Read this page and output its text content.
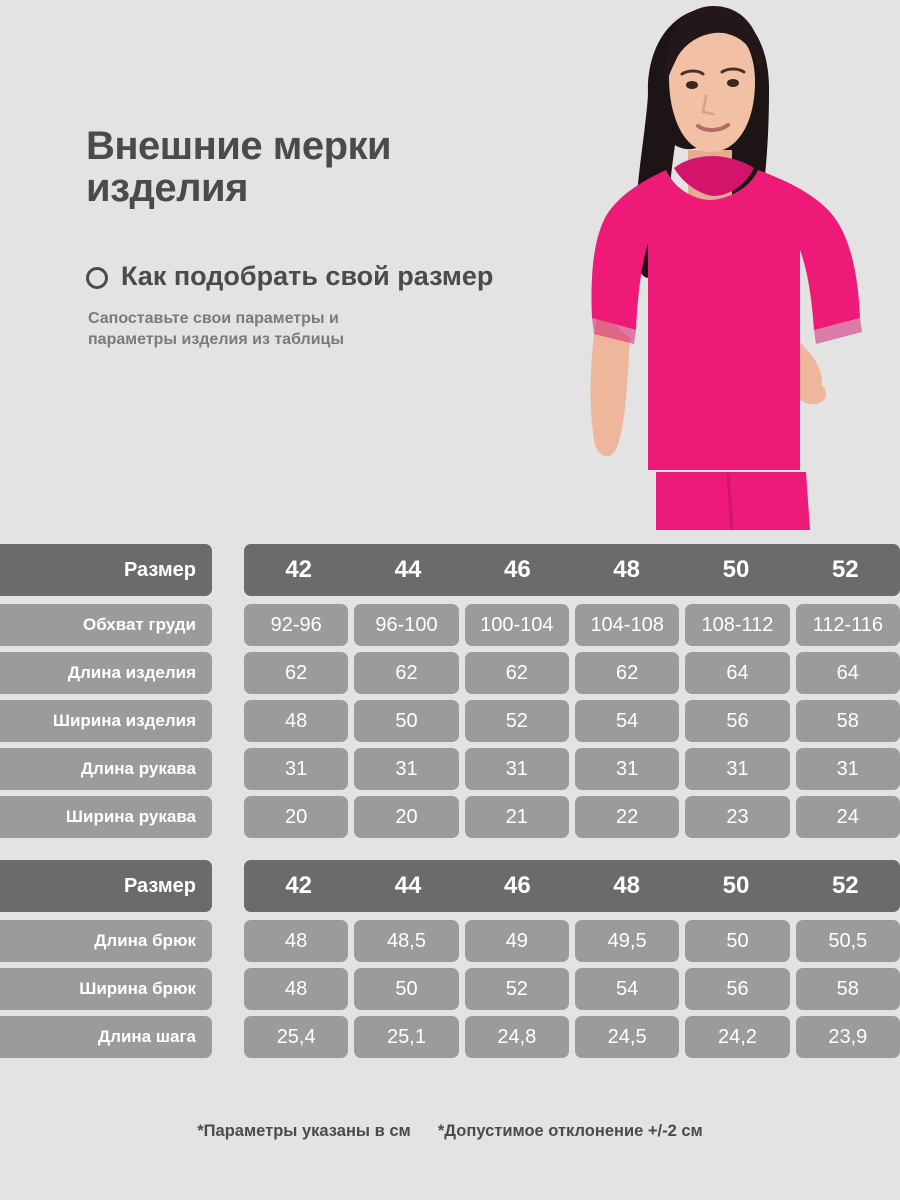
Внешние мерки изделия
Как подобрать свой размер

Сапоставьте свои параметры и параметры изделия из таблицы

Размер	42	44	46	48	50	52
Обхват груди	92-96	96-100	100-104	104-108	108-112	112-116
Длина изделия	62	62	62	62	64	64
Ширина изделия	48	50	52	54	56	58
Длина рукава	31	31	31	31	31	31
Ширина рукава	20	20	21	22	23	24
Размер	42	44	46	48	50	52
Длина брюк	48	48,5	49	49,5	50	50,5
Ширина брюк	48	50	52	54	56	58
Длина шага	25,4	25,1	24,8	24,5	24,2	23,9
*Параметры указаны в см *Допустимое отклонение +/-2 см
